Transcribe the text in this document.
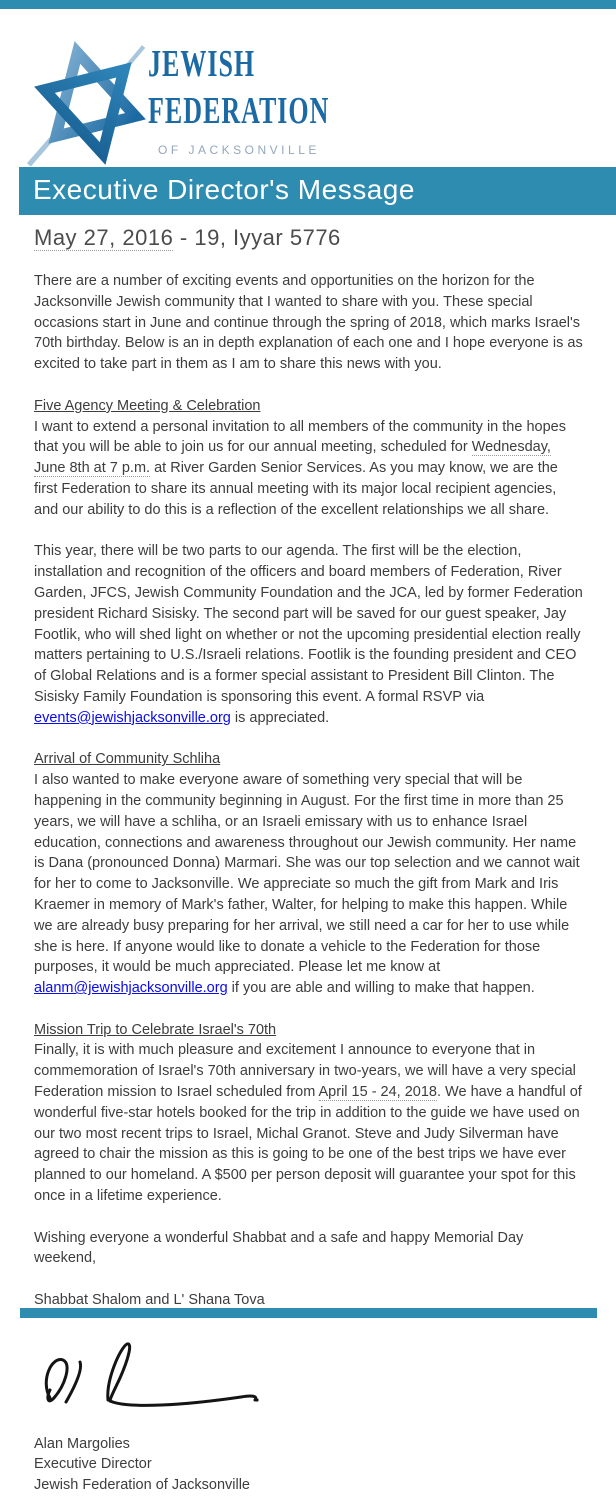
JEWISH
FEDERATION
OF JACKSONVILLE
Executive Director's Message
May 27, 2016 - 19, Iyyar 5776

There are a number of exciting events and opportunities on the horizon for the Jacksonville Jewish community that I wanted to share with you. These special occasions start in June and continue through the spring of 2018, which marks Israel's 70th birthday. Below is an in depth explanation of each one and I hope everyone is as excited to take part in them as I am to share this news with you.

Five Agency Meeting & Celebration

I want to extend a personal invitation to all members of the community in the hopes that you will be able to join us for our annual meeting, scheduled for Wednesday, June 8th at 7 p.m. at River Garden Senior Services. As you may know, we are the first Federation to share its annual meeting with its major local recipient agencies, and our ability to do this is a reflection of the excellent relationships we all share.

This year, there will be two parts to our agenda. The first will be the election, installation and recognition of the officers and board members of Federation, River Garden, JFCS, Jewish Community Foundation and the JCA, led by former Federation president Richard Sisisky. The second part will be saved for our guest speaker, Jay Footlik, who will shed light on whether or not the upcoming presidential election really matters pertaining to U.S./Israeli relations. Footlik is the founding president and CEO of Global Relations and is a former special assistant to President Bill Clinton. The Sisisky Family Foundation is sponsoring this event. A formal RSVP via events@jewishjacksonville.org is appreciated.

Arrival of Community Schliha

I also wanted to make everyone aware of something very special that will be happening in the community beginning in August. For the first time in more than 25 years, we will have a schliha, or an Israeli emissary with us to enhance Israel education, connections and awareness throughout our Jewish community. Her name is Dana (pronounced Donna) Marmari. She was our top selection and we cannot wait for her to come to Jacksonville. We appreciate so much the gift from Mark and Iris Kraemer in memory of Mark's father, Walter, for helping to make this happen. While we are already busy preparing for her arrival, we still need a car for her to use while she is here. If anyone would like to donate a vehicle to the Federation for those purposes, it would be much appreciated. Please let me know at alanm@jewishjacksonville.org if you are able and willing to make that happen.

Mission Trip to Celebrate Israel's 70th

Finally, it is with much pleasure and excitement I announce to everyone that in commemoration of Israel's 70th anniversary in two-years, we will have a very special Federation mission to Israel scheduled from April 15 - 24, 2018. We have a handful of wonderful five-star hotels booked for the trip in addition to the guide we have used on our two most recent trips to Israel, Michal Granot. Steve and Judy Silverman have agreed to chair the mission as this is going to be one of the best trips we have ever planned to our homeland. A $500 per person deposit will guarantee your spot for this once in a lifetime experience.

Wishing everyone a wonderful Shabbat and a safe and happy Memorial Day weekend,

Shabbat Shalom and L' Shana Tova

Alan Margolies
Executive Director
Jewish Federation of Jacksonville
